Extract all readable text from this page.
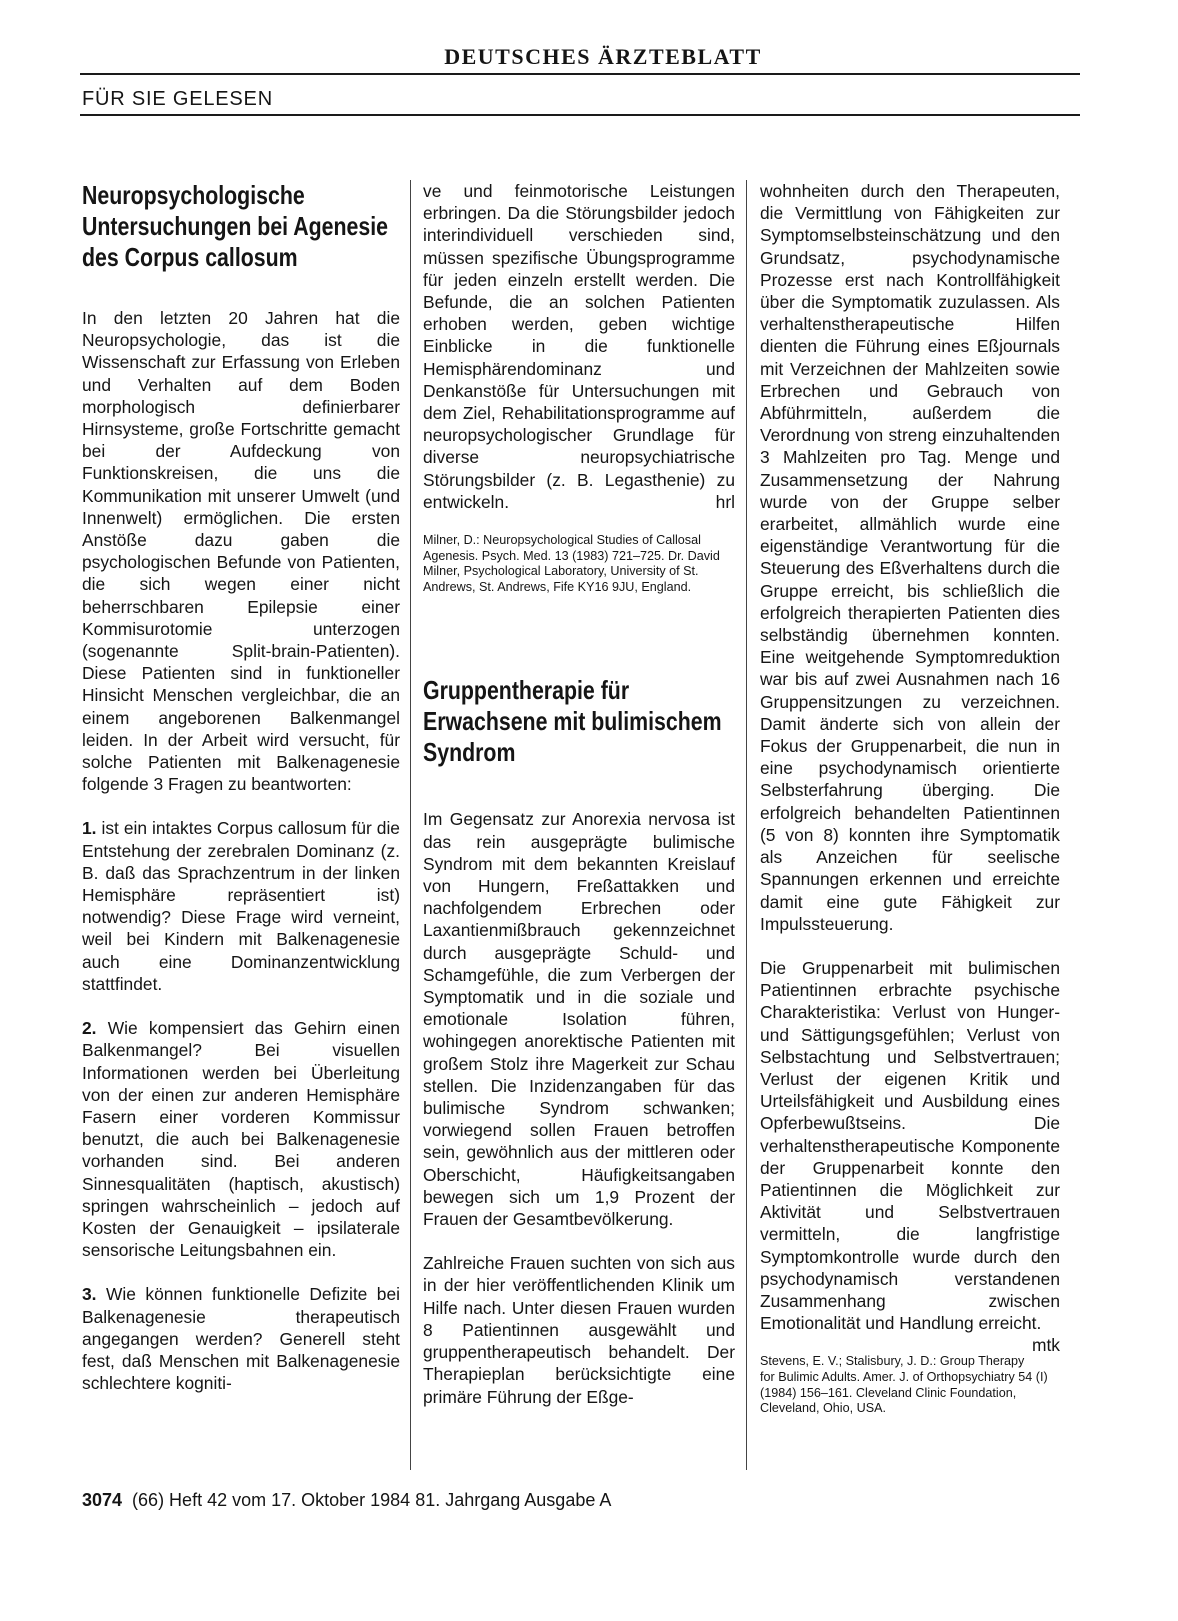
DEUTSCHES ÄRZTEBLATT
FÜR SIE GELESEN
Neuropsychologische Untersuchungen bei Agenesie des Corpus callosum

In den letzten 20 Jahren hat die Neuropsychologie, das ist die Wissenschaft zur Erfassung von Erleben und Verhalten auf dem Boden morphologisch definierbarer Hirnsysteme, große Fortschritte gemacht bei der Aufdeckung von Funktionskreisen, die uns die Kommunikation mit unserer Umwelt (und Innenwelt) ermöglichen. Die ersten Anstöße dazu gaben die psychologischen Befunde von Patienten, die sich wegen einer nicht beherrschbaren Epilepsie einer Kommisurotomie unterzogen (sogenannte Split-brain-Patienten). Diese Patienten sind in funktioneller Hinsicht Menschen vergleichbar, die an einem angeborenen Balkenmangel leiden. In der Arbeit wird versucht, für solche Patienten mit Balkenagenesie folgende 3 Fragen zu beantworten:

1. ist ein intaktes Corpus callosum für die Entstehung der zerebralen Dominanz (z. B. daß das Sprachzentrum in der linken Hemisphäre repräsentiert ist) notwendig? Diese Frage wird verneint, weil bei Kindern mit Balkenagenesie auch eine Dominanzentwicklung stattfindet.

2. Wie kompensiert das Gehirn einen Balkenmangel? Bei visuellen Informationen werden bei Überleitung von der einen zur anderen Hemisphäre Fasern einer vorderen Kommissur benutzt, die auch bei Balkenagenesie vorhanden sind. Bei anderen Sinnesqualitäten (haptisch, akustisch) springen wahrscheinlich – jedoch auf Kosten der Genauigkeit – ipsilaterale sensorische Leitungsbahnen ein.

3. Wie können funktionelle Defizite bei Balkenagenesie therapeutisch angegangen werden? Generell steht fest, daß Menschen mit Balkenagenesie schlechtere kogniti-

ve und feinmotorische Leistungen erbringen. Da die Störungsbilder jedoch interindividuell verschieden sind, müssen spezifische Übungsprogramme für jeden einzeln erstellt werden. Die Befunde, die an solchen Patienten erhoben werden, geben wichtige Einblicke in die funktionelle Hemisphärendominanz und Denkanstöße für Untersuchungen mit dem Ziel, Rehabilitationsprogramme auf neuropsychologischer Grundlage für diverse neuropsychiatrische Störungsbilder (z. B. Legasthenie) zu entwickeln.	hrl

Milner, D.: Neuropsychological Studies of Callosal Agenesis. Psych. Med. 13 (1983) 721–725. Dr. David Milner, Psychological Laboratory, University of St. Andrews, St. Andrews, Fife KY16 9JU, England.
Gruppentherapie für Erwachsene mit bulimischem Syndrom

Im Gegensatz zur Anorexia nervosa ist das rein ausgeprägte bulimische Syndrom mit dem bekannten Kreislauf von Hungern, Freßattakken und nachfolgendem Erbrechen oder Laxantienmißbrauch gekennzeichnet durch ausgeprägte Schuld- und Schamgefühle, die zum Verbergen der Symptomatik und in die soziale und emotionale Isolation führen, wohingegen anorektische Patienten mit großem Stolz ihre Magerkeit zur Schau stellen. Die Inzidenzangaben für das bulimische Syndrom schwanken; vorwiegend sollen Frauen betroffen sein, gewöhnlich aus der mittleren oder Oberschicht, Häufigkeitsangaben bewegen sich um 1,9 Prozent der Frauen der Gesamtbevölkerung.

Zahlreiche Frauen suchten von sich aus in der hier veröffentlichenden Klinik um Hilfe nach. Unter diesen Frauen wurden 8 Patientinnen ausgewählt und gruppentherapeutisch behandelt. Der Therapieplan berücksichtigte eine primäre Führung der Eßge-

wohnheiten durch den Therapeuten, die Vermittlung von Fähigkeiten zur Symptomselbsteinschätzung und den Grundsatz, psychodynamische Prozesse erst nach Kontrollfähigkeit über die Symptomatik zuzulassen. Als verhaltenstherapeutische Hilfen dienten die Führung eines Eßjournals mit Verzeichnen der Mahlzeiten sowie Erbrechen und Gebrauch von Abführmitteln, außerdem die Verordnung von streng einzuhaltenden 3 Mahlzeiten pro Tag. Menge und Zusammensetzung der Nahrung wurde von der Gruppe selber erarbeitet, allmählich wurde eine eigenständige Verantwortung für die Steuerung des Eßverhaltens durch die Gruppe erreicht, bis schließlich die erfolgreich therapierten Patienten dies selbständig übernehmen konnten. Eine weitgehende Symptomreduktion war bis auf zwei Ausnahmen nach 16 Gruppensitzungen zu verzeichnen. Damit änderte sich von allein der Fokus der Gruppenarbeit, die nun in eine psychodynamisch orientierte Selbsterfahrung überging. Die erfolgreich behandelten Patientinnen (5 von 8) konnten ihre Symptomatik als Anzeichen für seelische Spannungen erkennen und erreichte damit eine gute Fähigkeit zur Impulssteuerung.

Die Gruppenarbeit mit bulimischen Patientinnen erbrachte psychische Charakteristika: Verlust von Hunger- und Sättigungsgefühlen; Verlust von Selbstachtung und Selbstvertrauen; Verlust der eigenen Kritik und Urteilsfähigkeit und Ausbildung eines Opferbewußtseins. Die verhaltenstherapeutische Komponente der Gruppenarbeit konnte den Patientinnen die Möglichkeit zur Aktivität und Selbstvertrauen vermitteln, die langfristige Symptomkontrolle wurde durch den psychodynamisch verstandenen Zusammenhang zwischen Emotionalität und Handlung erreicht.
mtk

Stevens, E. V.; Stalisbury, J. D.: Group Therapy for Bulimic Adults. Amer. J. of Orthopsychiatry 54 (I) (1984) 156–161. Cleveland Clinic Foundation, Cleveland, Ohio, USA.
3074 (66) Heft 42 vom 17. Oktober 1984 81. Jahrgang Ausgabe A
